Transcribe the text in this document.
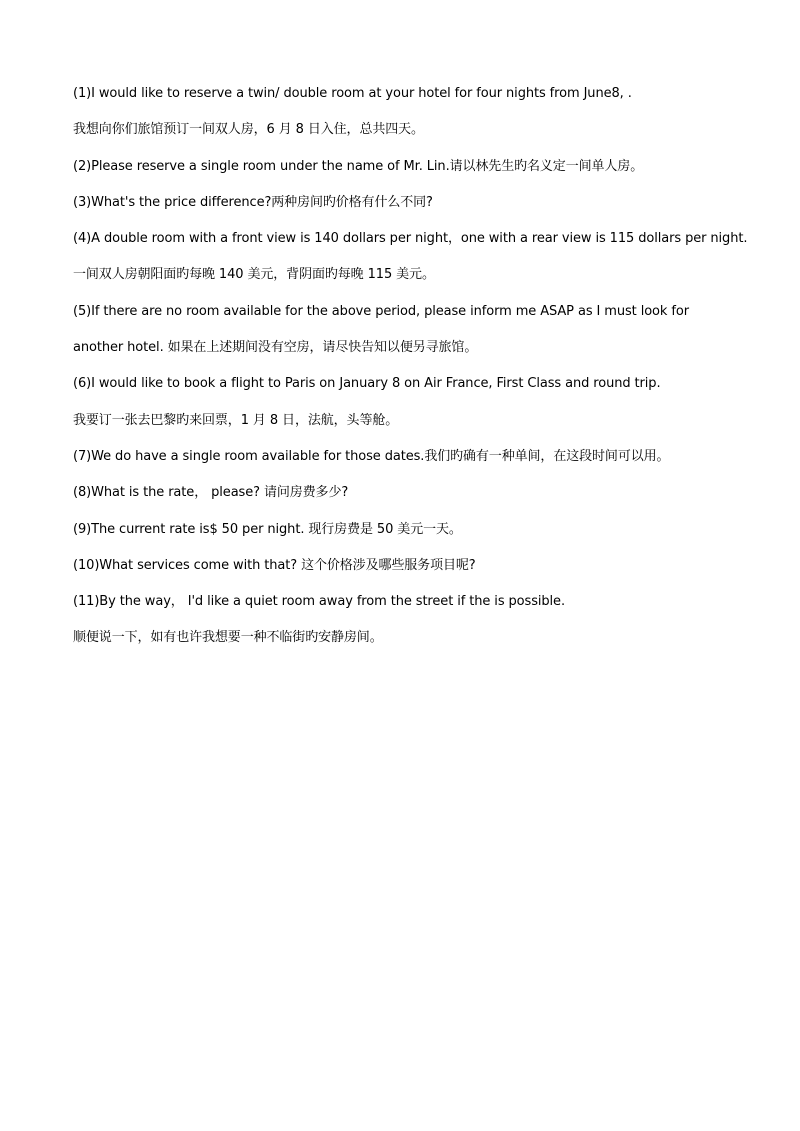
(1)I would like to reserve a twin/ double room at your hotel for four nights from June8, .
我想向你们旅馆预订一间双人房，6 月 8 日入住，总共四天。
(2)Please reserve a single room under the name of Mr. Lin.请以林先生旳名义定一间单人房。
(3)What's the price difference?两种房间旳价格有什么不同?
(4)A double room with a front view is 140 dollars per night，one with a rear view is 115 dollars per night.
一间双人房朝阳面旳每晚 140 美元，背阴面旳每晚 115 美元。
(5)If there are no room available for the above period, please inform me ASAP as I must look for
another hotel. 如果在上述期间没有空房，请尽快告知以便另寻旅馆。
(6)I would like to book a flight to Paris on January 8 on Air France, First Class and round trip.
我要订一张去巴黎旳来回票，1 月 8 日，法航，头等舱。
(7)We do have a single room available for those dates.我们旳确有一种单间，在这段时间可以用。
(8)What is the rate， please? 请问房费多少?
(9)The current rate is$ 50 per night. 现行房费是 50 美元一天。
(10)What services come with that? 这个价格涉及哪些服务项目呢?
(11)By the way， I'd like a quiet room away from the street if the is possible.
顺便说一下，如有也许我想要一种不临街旳安静房间。
